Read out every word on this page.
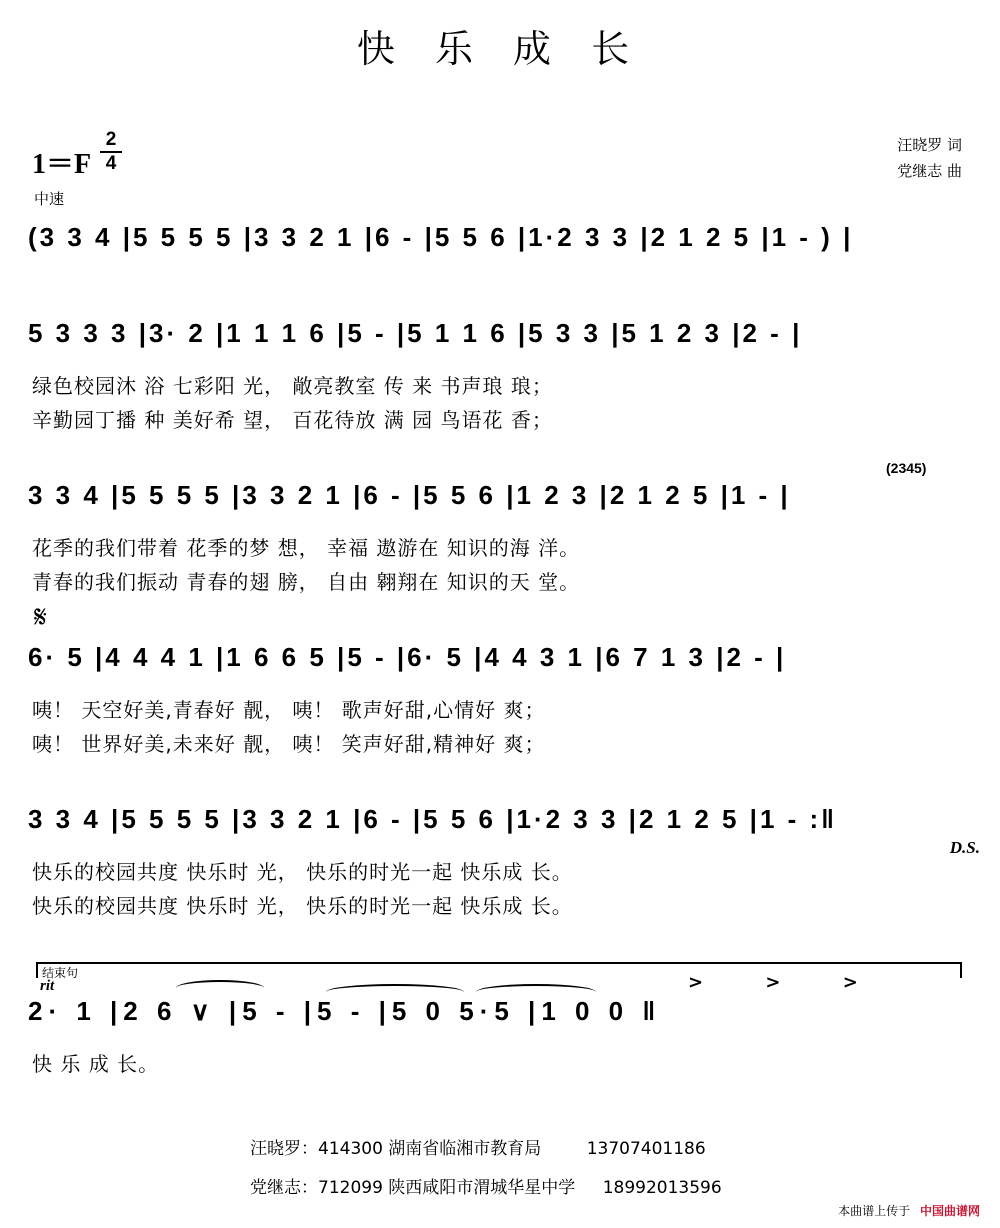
快 乐 成 长
1＝F
2
4
汪晓罗 词
党继志 曲
中速
(3 3 4 |5 5 5 5 |3 3 2 1 |6 - |5 5 6 |1·2 3 3 |2 1 2 5 |1 - ) |
5 3 3 3 |3· 2 |1 1 1 6 |5 - |5 1 1 6 |5 3 3 |5 1 2 3 |2 - |
绿色校园沐 浴 七彩阳 光， 敞亮教室 传 来 书声琅 琅；
辛勤园丁播 种 美好希 望， 百花待放 满 园 鸟语花 香；
(2345)
3 3 4 |5 5 5 5 |3 3 2 1 |6 - |5 5 6 |1 2 3 |2 1 2 5 |1 - |
花季的我们带着 花季的梦 想， 幸福 遨游在 知识的海 洋。
青春的我们振动 青春的翅 膀， 自由 翱翔在 知识的天 堂。
𝄋
6· 5 |4 4 4 1 |1 6 6 5 |5 - |6· 5 |4 4 3 1 |6 7 1 3 |2 - |
咦！ 天空好美,青春好 靓， 咦！ 歌声好甜,心情好 爽；
咦！ 世界好美,未来好 靓， 咦！ 笑声好甜,精神好 爽；
3 3 4 |5 5 5 5 |3 3 2 1 |6 - |5 5 6 |1·2 3 3 |2 1 2 5 |1 - :‖
D.S.
快乐的校园共度 快乐时 光， 快乐的时光一起 快乐成 长。
快乐的校园共度 快乐时 光， 快乐的时光一起 快乐成 长。
结束句
rit	> > >
2· 1 |2 6 ∨ |5 - |5 - |5 0 5·5 |1 0 0 ‖
快 乐 成 长。
汪晓罗：414300 湖南省临湘市教育局	13707401186
党继志：712099 陕西咸阳市渭城华星中学 18992013596
本曲谱上传于 中国曲谱网
